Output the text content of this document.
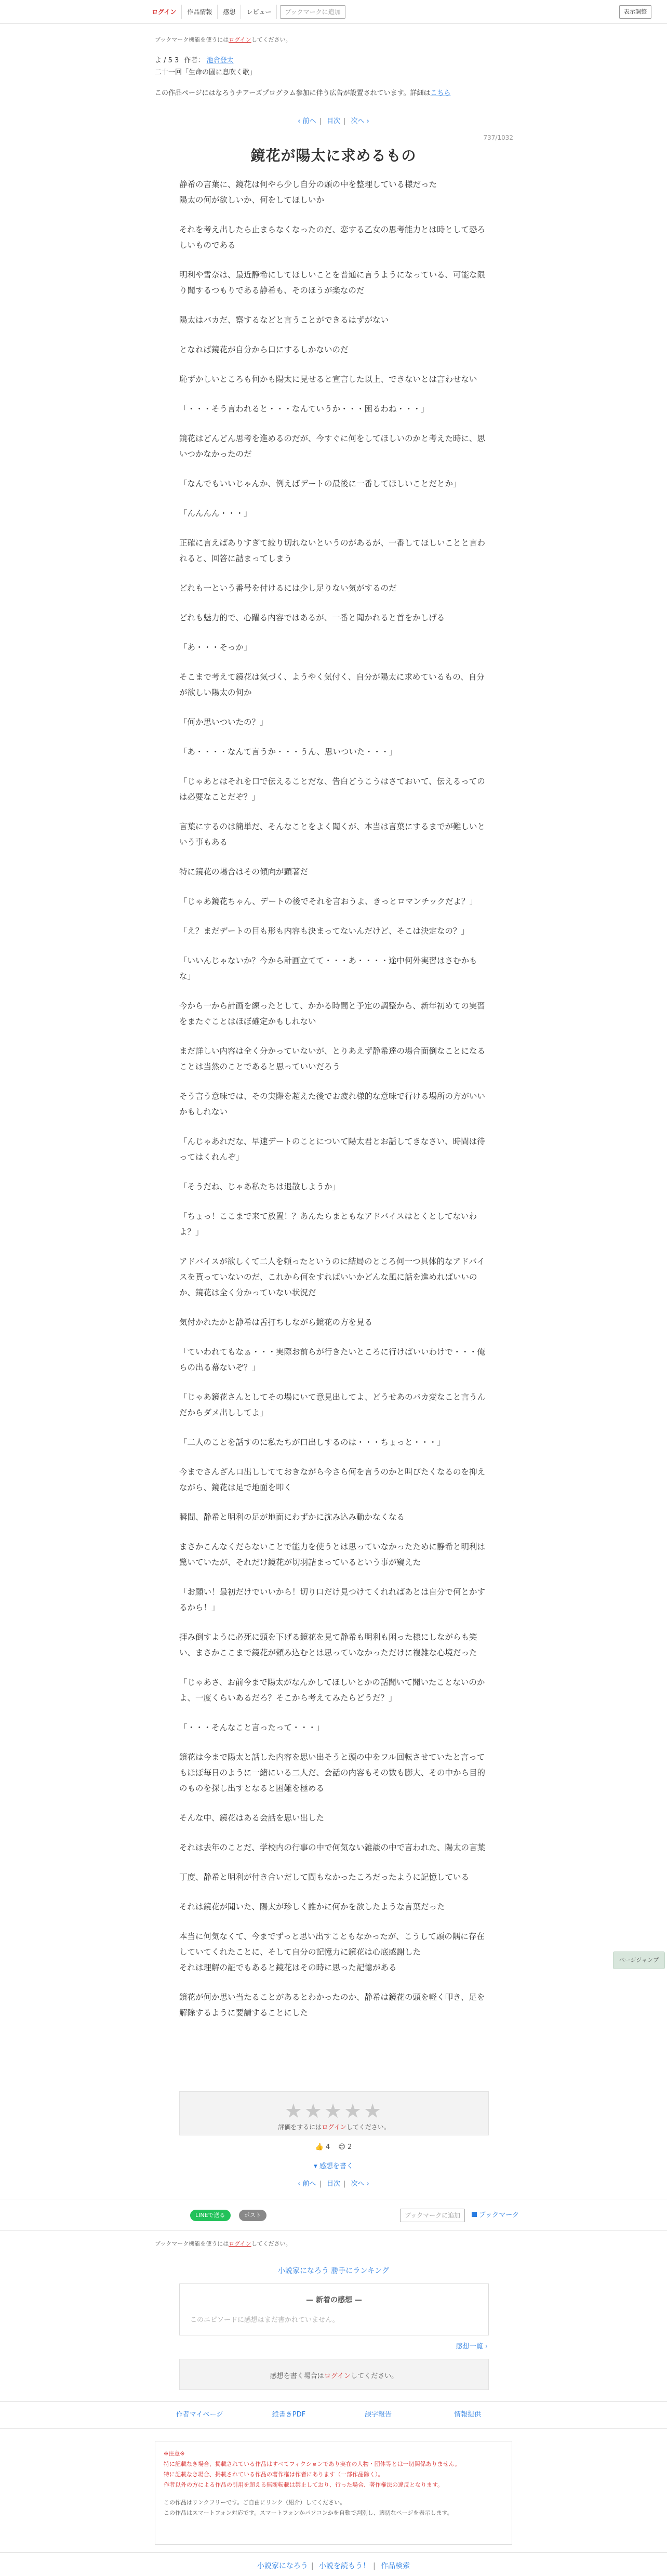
ログイン	作品情報	感想	レビュー	ブックマークに追加	表示調整
ブックマーク機能を使うにはログインしてください。
よ / 5 3 作者： 池倉登太
二十一回「生命の園に息吹く歌」
この作品ページにはなろうチアーズプログラム参加に伴う広告が設置されています。詳細はこちら
‹ 前へ | 目次 | 次へ ›
737/1032
鏡花が陽太に求めるもの
静希の言葉に、鏡花は何やら少し自分の頭の中を整理している様だった
陽太の何が欲しいか、何をしてほしいか
それを考え出したら止まらなくなったのだ、恋する乙女の思考能力とは時として恐ろしいものである
明利や雪奈は、最近静希にしてほしいことを普通に言うようになっている、可能な限り聞するつもりである静希も、そのほうが楽なのだ
陽太はバカだ、察するなどと言うことができるはずがない
となれば鏡花が自分から口にするしかないのだ
恥ずかしいところも何かも陽太に見せると宣言した以上、できないとは言わせない
「・・・そう言われると・・・なんていうか・・・困るわね・・・」
鏡花はどんどん思考を進めるのだが、今すぐに何をしてほしいのかと考えた時に、思いつかなかったのだ
「なんでもいいじゃんか、例えばデートの最後に一番してほしいことだとか」
「んんんん・・・」
正確に言えばありすぎて絞り切れないというのがあるが、一番してほしいことと言われると、回答に詰まってしまう
どれも一という番号を付けるには少し足りない気がするのだ
どれも魅力的で、心躍る内容ではあるが、一番と聞かれると首をかしげる
「あ・・・そっか」
そこまで考えて鏡花は気づく、ようやく気付く、自分が陽太に求めているもの、自分が欲しい陽太の何か
「何か思いついたの？」
「あ・・・・なんて言うか・・・うん、思いついた・・・」
「じゃあとはそれを口で伝えることだな、告白どうこうはさておいて、伝えるってのは必要なことだぞ？」
言葉にするのは簡単だ、そんなことをよく聞くが、本当は言葉にするまでが難しいという事もある
特に鏡花の場合はその傾向が顕著だ
「じゃあ鏡花ちゃん、デートの後でそれを言おうよ、きっとロマンチックだよ？」
「え？まだデートの目も形も内容も決まってないんだけど、そこは決定なの？」
「いいんじゃないか？今から計画立てて・・・あ・・・・途中何外実習はさむかもな」
今から一から計画を練ったとして、かかる時間と予定の調整から、新年初めての実習をまたぐことはほぼ確定かもしれない
まだ詳しい内容は全く分かっていないが、とりあえず静希達の場合面倒なことになることは当然のことであると思っていいだろう
そう言う意味では、その実際を超えた後でお疲れ様的な意味で行ける場所の方がいいかもしれない
「んじゃあれだな、早速デートのことについて陽太君とお話してきなさい、時間は待ってはくれんぞ」
「そうだね、じゃあ私たちは退散しようか」
「ちょっ！ここまで来て放置！？あんたらまともなアドバイスはとくとしてないわよ？」
アドバイスが欲しくて二人を頼ったというのに結局のところ何一つ具体的なアドバイスを貰っていないのだ、これから何をすればいいかどんな風に話を進めればいいのか、鏡花は全く分かっていない状況だ
気付かれたかと静希は舌打ちしながら鏡花の方を見る
「ていわれてもなぁ・・・実際お前らが行きたいところに行けばいいわけで・・・俺らの出る幕ないぞ？」
「じゃあ鏡花さんとしてその場にいて意見出してよ、どうせあのバカ変なこと言うんだからダメ出ししてよ」
「二人のことを話すのに私たちが口出しするのは・・・ちょっと・・・」
今までさんざん口出ししてておきながら今さら何を言うのかと叫びたくなるのを抑えながら、鏡花は足で地面を叩く
瞬間、静希と明利の足が地面にわずかに沈み込み動かなくなる
まさかこんなくだらないことで能力を使うとは思っていなかったために静希と明利は驚いていたが、それだけ鏡花が切羽詰まっているという事が窺えた
「お願い！最初だけでいいから！切り口だけ見つけてくれればあとは自分で何とかするから！」
拝み倒すように必死に頭を下げる鏡花を見て静希も明利も困った様にしながらも笑い、まさかここまで鏡花が頼み込むとは思っていなかっただけに複雑な心境だった
「じゃあさ、お前今まで陽太がなんかしてほしいとかの話聞いて聞いたことないのかよ、一度くらいあるだろ？そこから考えてみたらどうだ？」
「・・・そんなこと言ったって・・・」
鏡花は今まで陽太と話した内容を思い出そうと頭の中をフル回転させていたと言ってもほぼ毎日のように一緒にいる二人だ、会話の内容もその数も膨大、その中から目的のものを探し出すとなると困難を極める
そんな中、鏡花はある会話を思い出した
それは去年のことだ、学校内の行事の中で何気ない雑談の中で言われた、陽太の言葉
丁度、静希と明利が付き合いだして間もなかったころだったように記憶している
それは鏡花が聞いた、陽太が珍しく誰かに何かを欲したような言葉だった
本当に何気なくて、今までずっと思い出すこともなかったが、こうして頭の隅に存在していてくれたことに、そして自分の記憶力に鏡花は心底感謝した
それは理解の証でもあると鏡花はその時に思った記憶がある
鏡花が何か思い当たることがあるとわかったのか、静希は鏡花の頭を軽く叩き、足を解除するように要請することにした
ページジャンプ
★★★★★
評価をするにはログインしてください。
👍 4 😊 2
▾ 感想を書く
‹ 前へ | 目次 | 次へ ›
LINEで送る	ポスト	ブックマークに追加	ブックマーク
ブックマーク機能を使うにはログインしてください。
小説家になろう 勝手にランキング
— 新着の感想 —
このエピソードに感想はまだ書かれていません。
感想一覧 ›
感想を書く場合はログインしてください。
作者マイページ	縦書きPDF	誤字報告	情報提供
※注意※
特に記載なき場合、掲載されている作品はすべてフィクションであり実在の人物・団体等とは一切関係ありません。
特に記載なき場合、掲載されている作品の著作権は作者にあります（一部作品除く）。
作者以外の方による作品の引用を超える無断転載は禁止しており、行った場合、著作権法の違反となります。
この作品はリンクフリーです。ご自由にリンク（紹介）してください。
この作品はスマートフォン対応です。スマートフォンかパソコンかを自動で判別し、適切なページを表示します。
小説家になろう | 小説を読もう！ | 作品検索
